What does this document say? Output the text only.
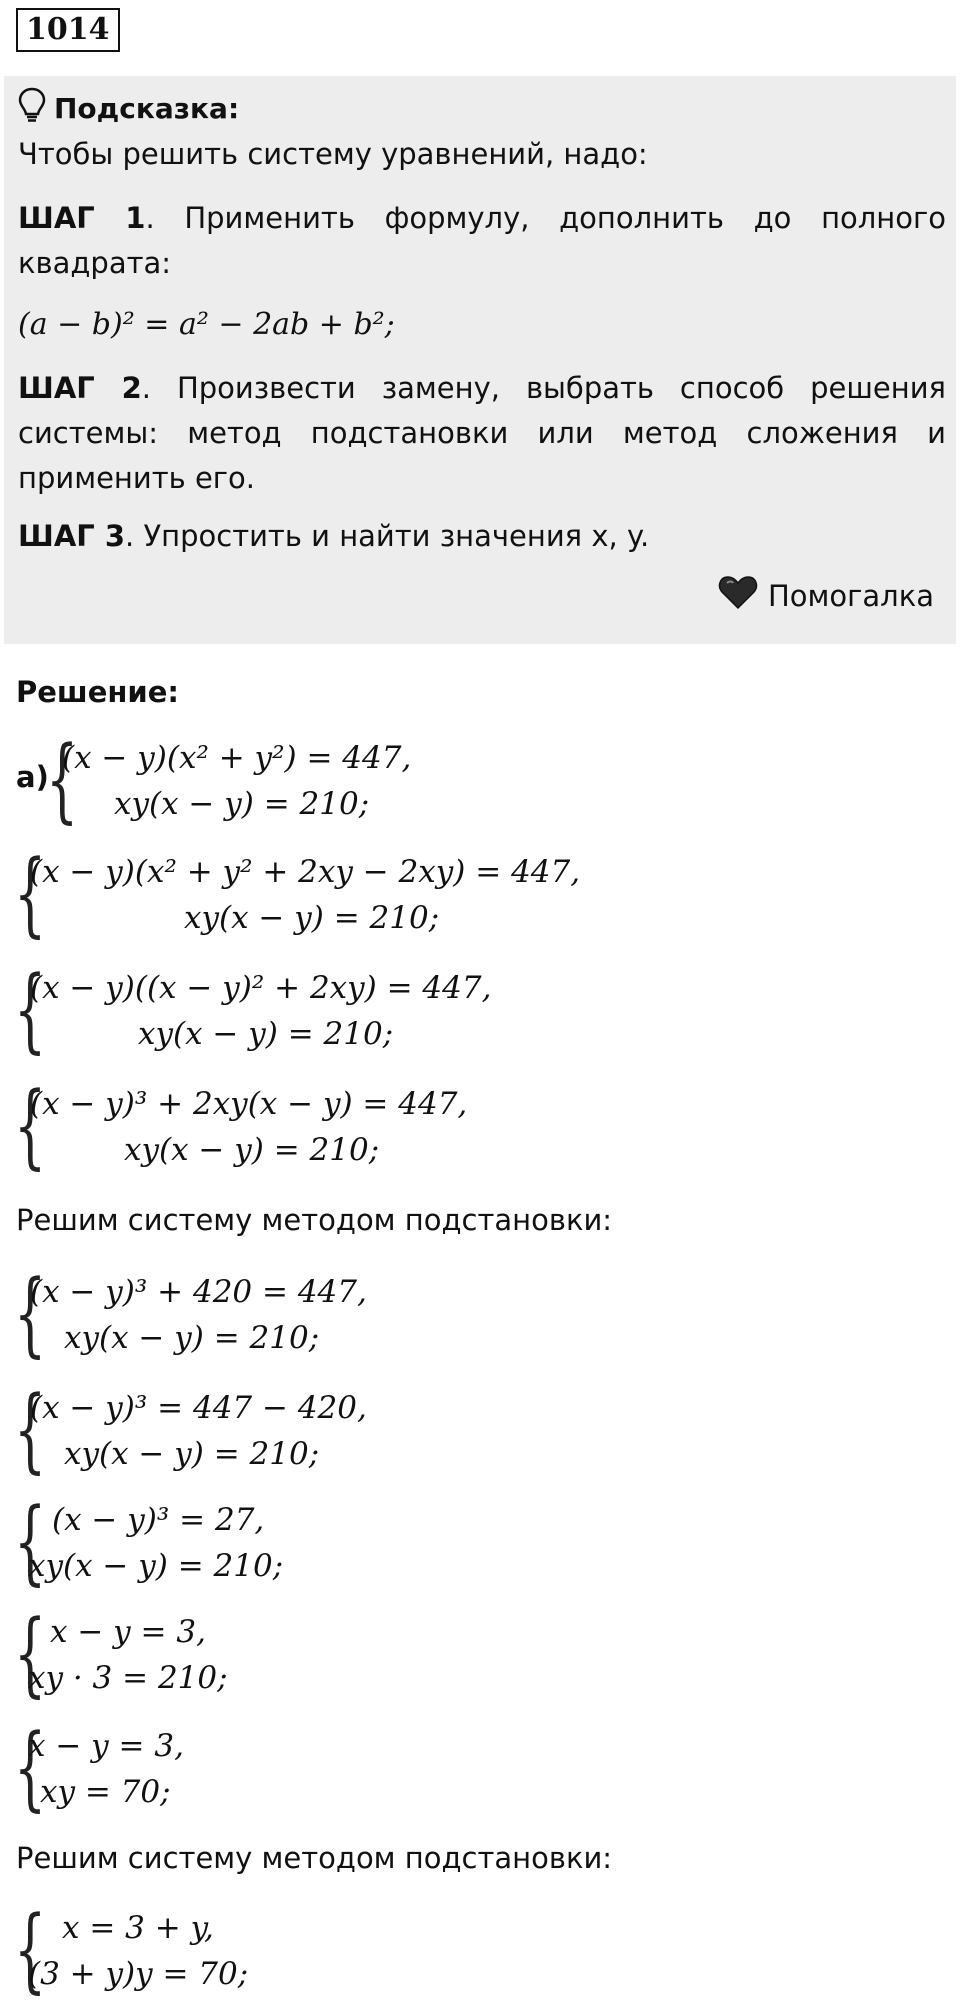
1014
Подсказка:
Чтобы решить систему уравнений, надо:
ШАГ 1. Применить формулу, дополнить до полного квадрата:
(a − b)² = a² − 2ab + b²;
ШАГ 2. Произвести замену, выбрать способ решения системы: метод подстановки или метод сложения и применить его.
ШАГ 3. Упростить и найти значения x, y.
Помогалка
Решение:
а)
{
(x − y)(x² + y²) = 447,
xy(x − y) = 210;
{
(x − y)(x² + y² + 2xy − 2xy) = 447,
xy(x − y) = 210;
{
(x − y)((x − y)² + 2xy) = 447,
xy(x − y) = 210;
{
(x − y)³ + 2xy(x − y) = 447,
xy(x − y) = 210;
Решим систему методом подстановки:
{
(x − y)³ + 420 = 447,
xy(x − y) = 210;
{
(x − y)³ = 447 − 420,
xy(x − y) = 210;
{ (x − y)³ = 27,
xy(x − y) = 210;
{ x − y = 3,
xy · 3 = 210;
{
x − y = 3,
xy = 70;
Решим систему методом подстановки:
{ x = 3 + y,
(3 + y)y = 70;
